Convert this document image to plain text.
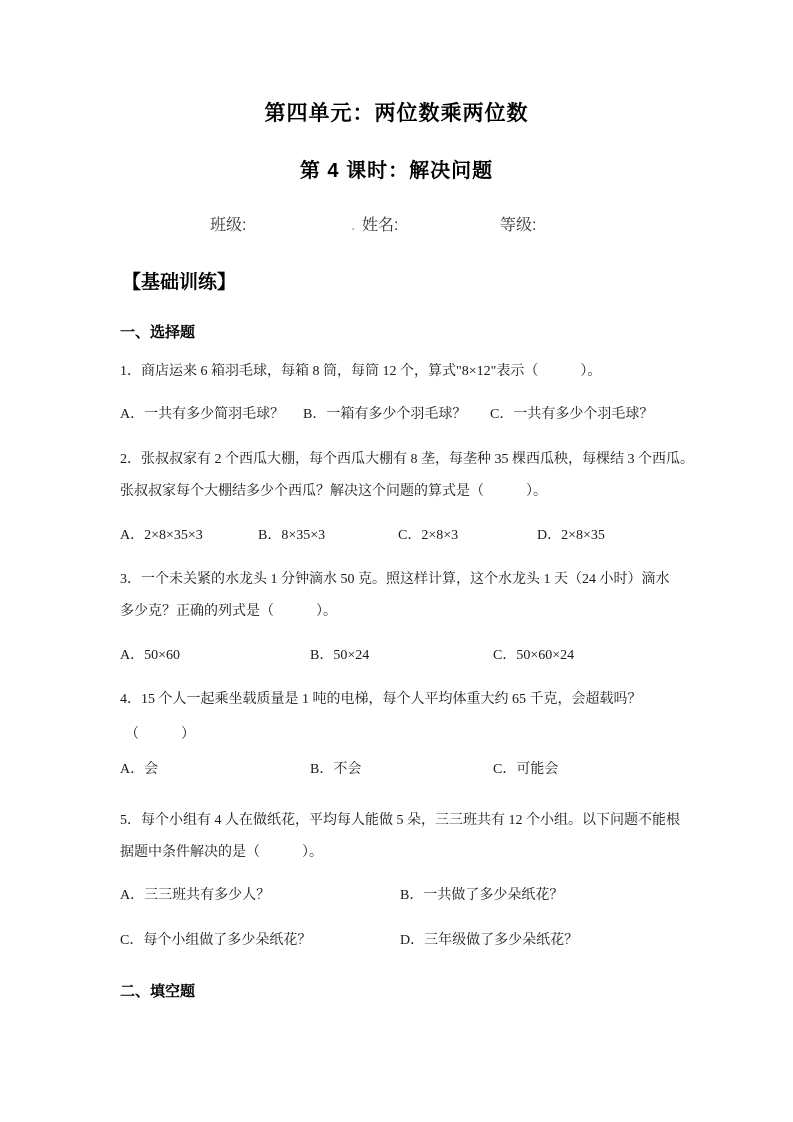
第四单元：两位数乘两位数
第 4 课时：解决问题
班级:	. 姓名:	等级:
【基础训练】
一、选择题
1．商店运来 6 箱羽毛球，每箱 8 筒，每筒 12 个，算式"8×12"表示（　　　）。
A．一共有多少简羽毛球？ B．一箱有多少个羽毛球？ C．一共有多少个羽毛球？
2．张叔叔家有 2 个西瓜大棚，每个西瓜大棚有 8 垄，每垄种 35 棵西瓜秧，每棵结 3 个西瓜。
张叔叔家每个大棚结多少个西瓜？解决这个问题的算式是（　　　）。
A．2×8×35×3	B．8×35×3	C．2×8×3	D．2×8×35
3．一个未关紧的水龙头 1 分钟滴水 50 克。照这样计算，这个水龙头 1 天（24 小时）滴水
多少克？正确的列式是（　　　）。
A．50×60	B．50×24	C．50×60×24
4．15 个人一起乘坐载质量是 1 吨的电梯，每个人平均体重大约 65 千克，会超载吗？
（　　　）
A．会	B．不会	C．可能会
5．每个小组有 4 人在做纸花，平均每人能做 5 朵，三三班共有 12 个小组。以下问题不能根
据题中条件解决的是（　　　）。
A．三三班共有多少人？	B．一共做了多少朵纸花？
C．每个小组做了多少朵纸花？	D．三年级做了多少朵纸花？
二、填空题
